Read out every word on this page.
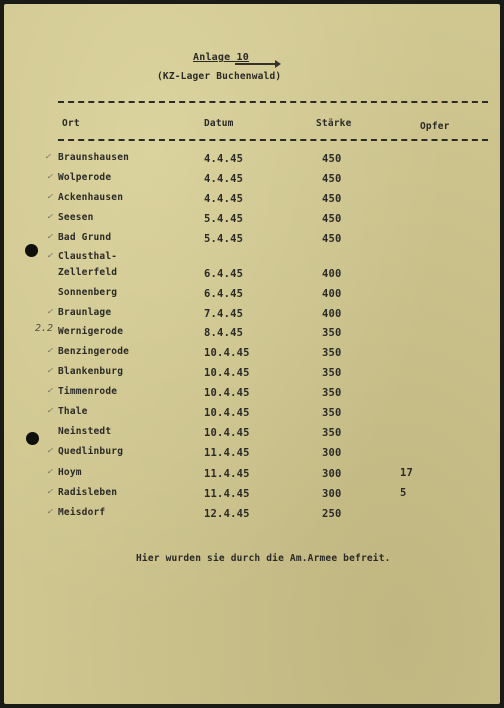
Anlage 10
(KZ-Lager Buchenwald)
Ort	Datum	Stärke	Opfer
Braunshausen	4.4.45	450
✓
Wolperode	4.4.45	450
✓
Ackenhausen	4.4.45	450
✓
Seesen	5.4.45	450
✓
Bad Grund	5.4.45	450
✓
Clausthal-
✓
Zellerfeld	6.4.45	400
Sonnenberg	6.4.45	400
Braunlage	7.4.45	400
✓
Wernigerode	8.4.45	350
Benzingerode	10.4.45	350
✓
Blankenburg	10.4.45	350
✓
Timmenrode	10.4.45	350
✓
Thale	10.4.45	350
✓
Neinstedt	10.4.45	350
Quedlinburg	11.4.45	300
✓
Hoym	11.4.45	300	17
✓
Radisleben	11.4.45	300	5
✓
Meisdorf	12.4.45	250
✓
2.2
Hier wurden sie durch die Am.Armee befreit.
